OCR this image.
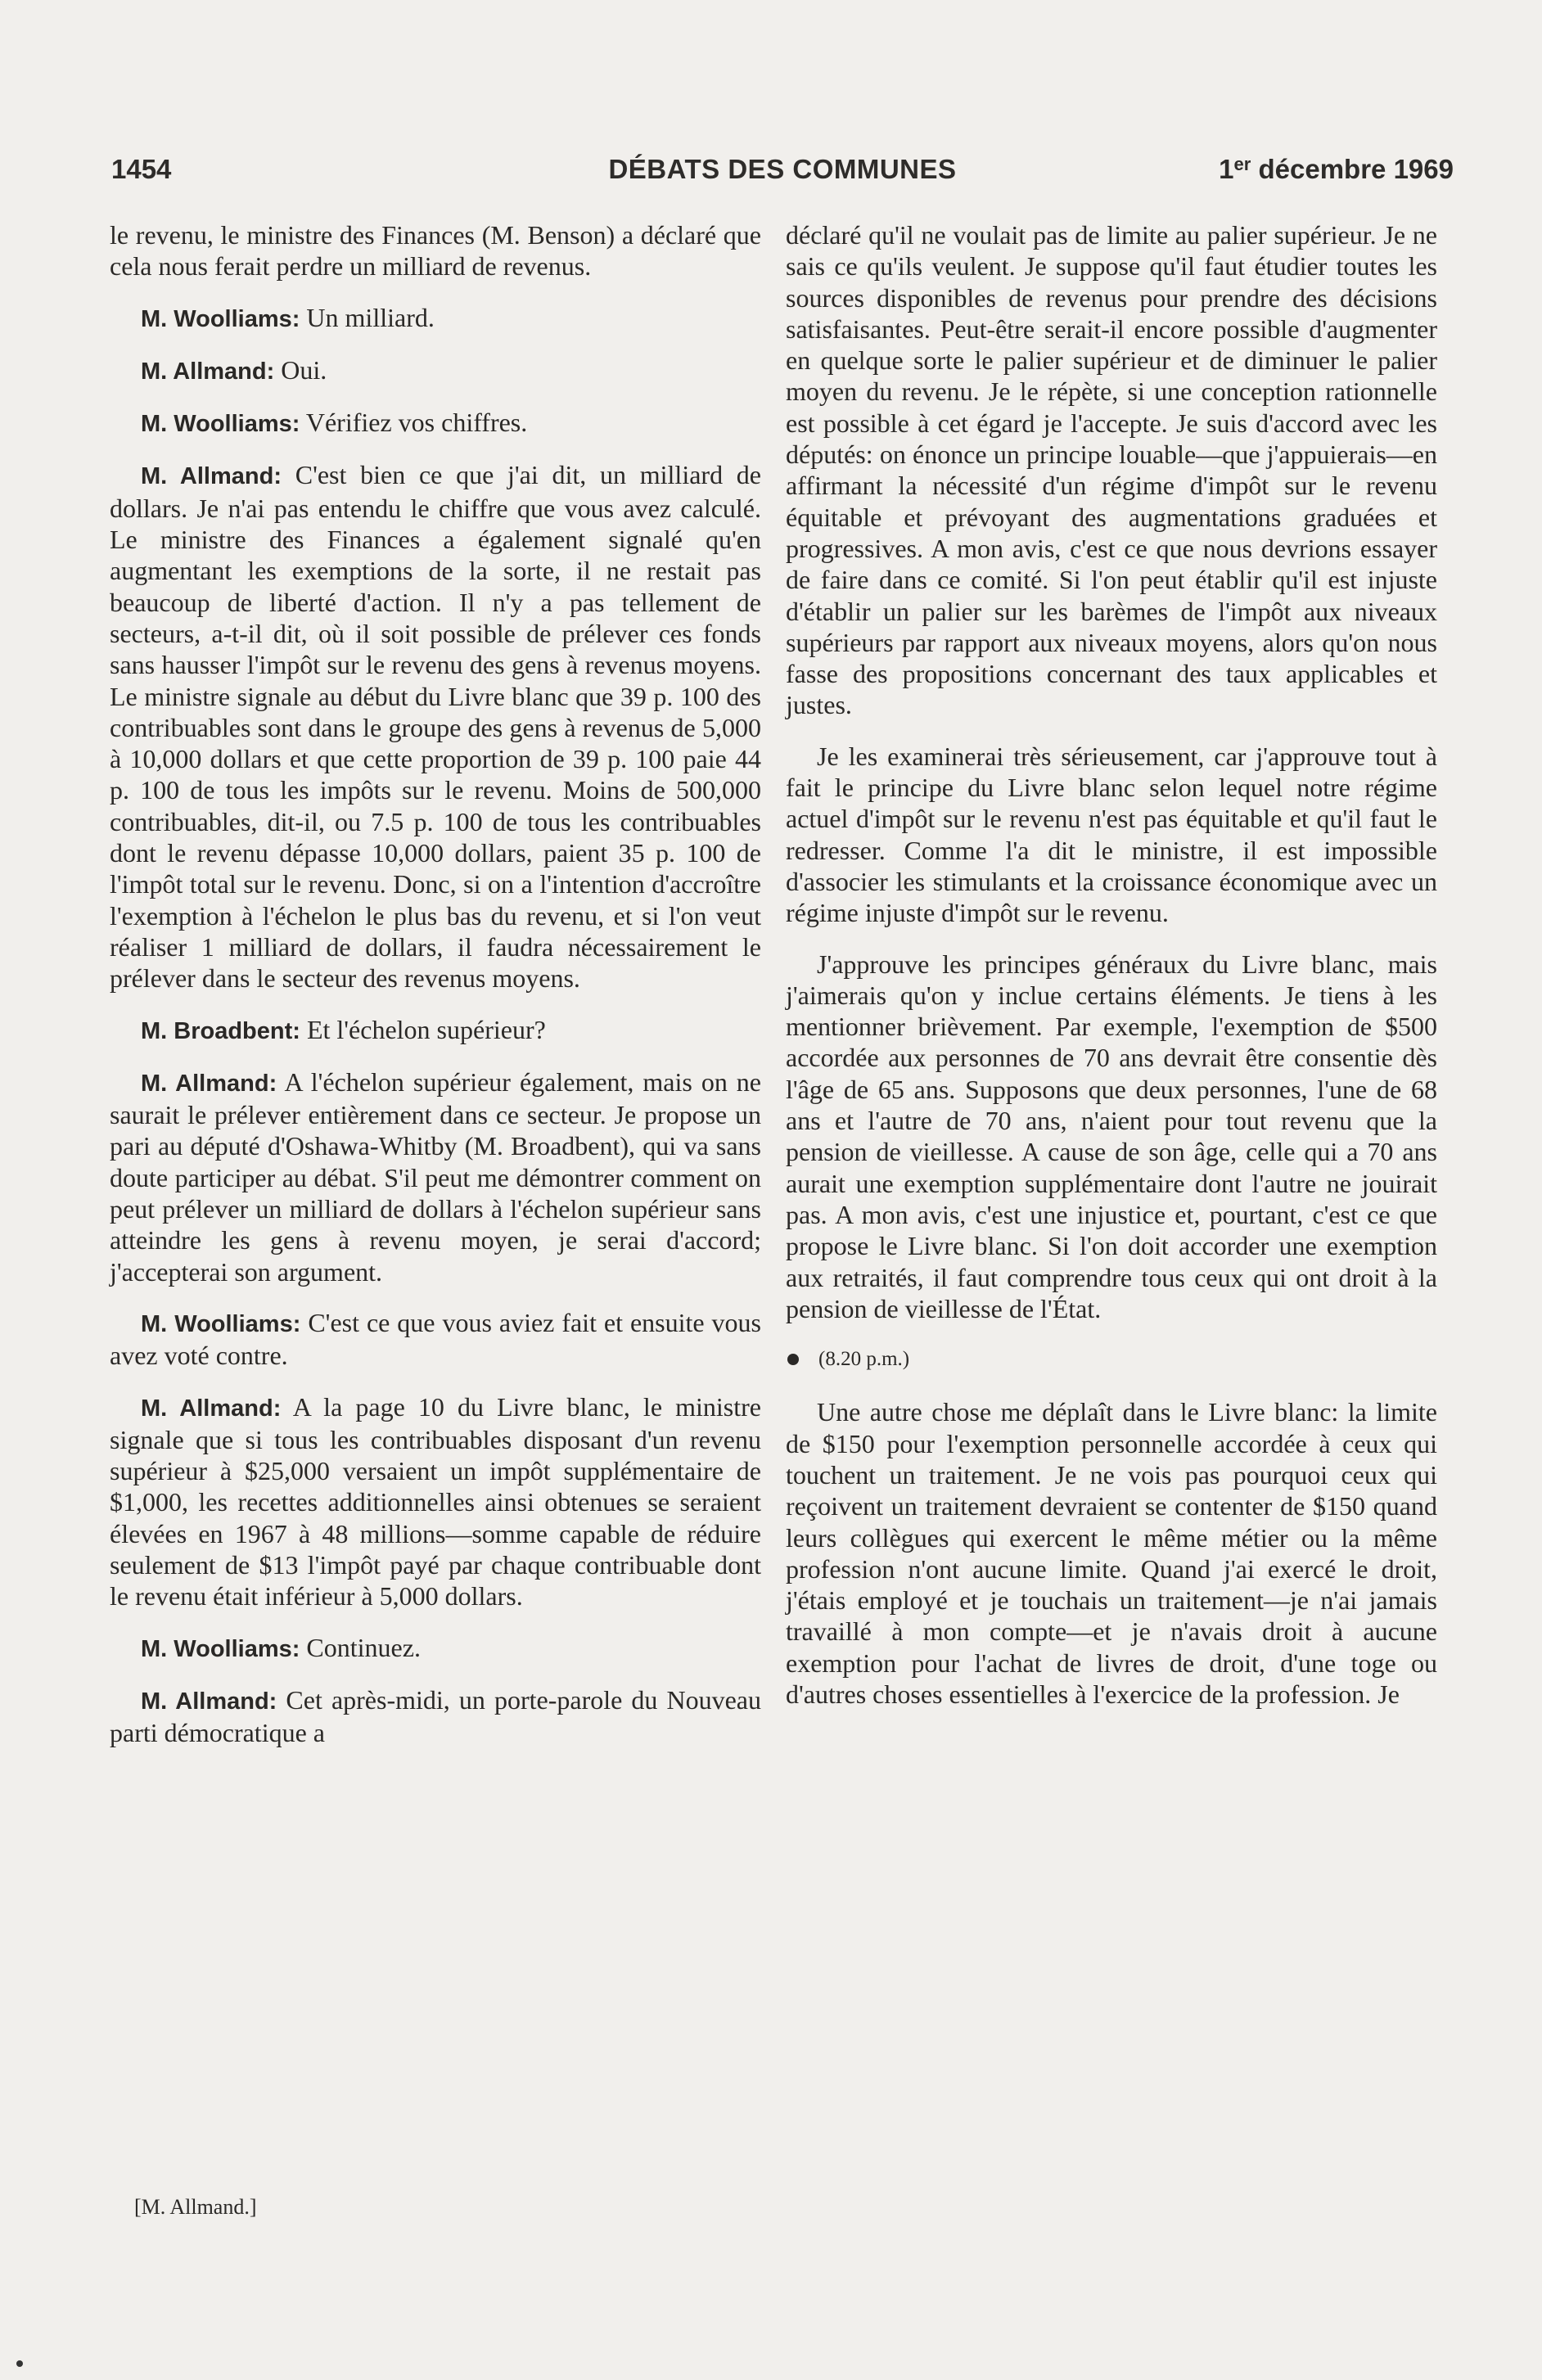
1454	DÉBATS DES COMMUNES	1er décembre 1969

le revenu, le ministre des Finances (M. Benson) a déclaré que cela nous ferait perdre un milliard de revenus.

M. Woolliams: Un milliard.

M. Allmand: Oui.

M. Woolliams: Vérifiez vos chiffres.

M. Allmand: C'est bien ce que j'ai dit, un milliard de dollars. Je n'ai pas entendu le chiffre que vous avez calculé. Le ministre des Finances a également signalé qu'en augmentant les exemptions de la sorte, il ne restait pas beaucoup de liberté d'action. Il n'y a pas tellement de secteurs, a-t-il dit, où il soit possible de prélever ces fonds sans hausser l'impôt sur le revenu des gens à revenus moyens. Le ministre signale au début du Livre blanc que 39 p. 100 des contribuables sont dans le groupe des gens à revenus de 5,000 à 10,000 dollars et que cette proportion de 39 p. 100 paie 44 p. 100 de tous les impôts sur le revenu. Moins de 500,000 contribuables, dit-il, ou 7.5 p. 100 de tous les contribuables dont le revenu dépasse 10,000 dollars, paient 35 p. 100 de l'impôt total sur le revenu. Donc, si on a l'intention d'accroître l'exemption à l'échelon le plus bas du revenu, et si l'on veut réaliser 1 milliard de dollars, il faudra nécessairement le prélever dans le secteur des revenus moyens.

M. Broadbent: Et l'échelon supérieur?

M. Allmand: A l'échelon supérieur également, mais on ne saurait le prélever entièrement dans ce secteur. Je propose un pari au député d'Oshawa-Whitby (M. Broadbent), qui va sans doute participer au débat. S'il peut me démontrer comment on peut prélever un milliard de dollars à l'échelon supérieur sans atteindre les gens à revenu moyen, je serai d'accord; j'accepterai son argument.

M. Woolliams: C'est ce que vous aviez fait et ensuite vous avez voté contre.

M. Allmand: A la page 10 du Livre blanc, le ministre signale que si tous les contribuables disposant d'un revenu supérieur à $25,000 versaient un impôt supplémentaire de $1,000, les recettes additionnelles ainsi obtenues se seraient élevées en 1967 à 48 millions—somme capable de réduire seulement de $13 l'impôt payé par chaque contribuable dont le revenu était inférieur à 5,000 dollars.

M. Woolliams: Continuez.

M. Allmand: Cet après-midi, un porte-parole du Nouveau parti démocratique a

[M. Allmand.]

déclaré qu'il ne voulait pas de limite au palier supérieur. Je ne sais ce qu'ils veulent. Je suppose qu'il faut étudier toutes les sources disponibles de revenus pour prendre des décisions satisfaisantes. Peut-être serait-il encore possible d'augmenter en quelque sorte le palier supérieur et de diminuer le palier moyen du revenu. Je le répète, si une conception rationnelle est possible à cet égard je l'accepte. Je suis d'accord avec les députés: on énonce un principe louable—que j'appuierais—en affirmant la nécessité d'un régime d'impôt sur le revenu équitable et prévoyant des augmentations graduées et progressives. A mon avis, c'est ce que nous devrions essayer de faire dans ce comité. Si l'on peut établir qu'il est injuste d'établir un palier sur les barèmes de l'impôt aux niveaux supérieurs par rapport aux niveaux moyens, alors qu'on nous fasse des propositions concernant des taux applicables et justes.

Je les examinerai très sérieusement, car j'approuve tout à fait le principe du Livre blanc selon lequel notre régime actuel d'impôt sur le revenu n'est pas équitable et qu'il faut le redresser. Comme l'a dit le ministre, il est impossible d'associer les stimulants et la croissance économique avec un régime injuste d'impôt sur le revenu.

J'approuve les principes généraux du Livre blanc, mais j'aimerais qu'on y inclue certains éléments. Je tiens à les mentionner brièvement. Par exemple, l'exemption de $500 accordée aux personnes de 70 ans devrait être consentie dès l'âge de 65 ans. Supposons que deux personnes, l'une de 68 ans et l'autre de 70 ans, n'aient pour tout revenu que la pension de vieillesse. A cause de son âge, celle qui a 70 ans aurait une exemption supplémentaire dont l'autre ne jouirait pas. A mon avis, c'est une injustice et, pourtant, c'est ce que propose le Livre blanc. Si l'on doit accorder une exemption aux retraités, il faut comprendre tous ceux qui ont droit à la pension de vieillesse de l'État.

(8.20 p.m.)

Une autre chose me déplaît dans le Livre blanc: la limite de $150 pour l'exemption personnelle accordée à ceux qui touchent un traitement. Je ne vois pas pourquoi ceux qui reçoivent un traitement devraient se contenter de $150 quand leurs collègues qui exercent le même métier ou la même profession n'ont aucune limite. Quand j'ai exercé le droit, j'étais employé et je touchais un traitement—je n'ai jamais travaillé à mon compte—et je n'avais droit à aucune exemption pour l'achat de livres de droit, d'une toge ou d'autres choses essentielles à l'exercice de la profession. Je
